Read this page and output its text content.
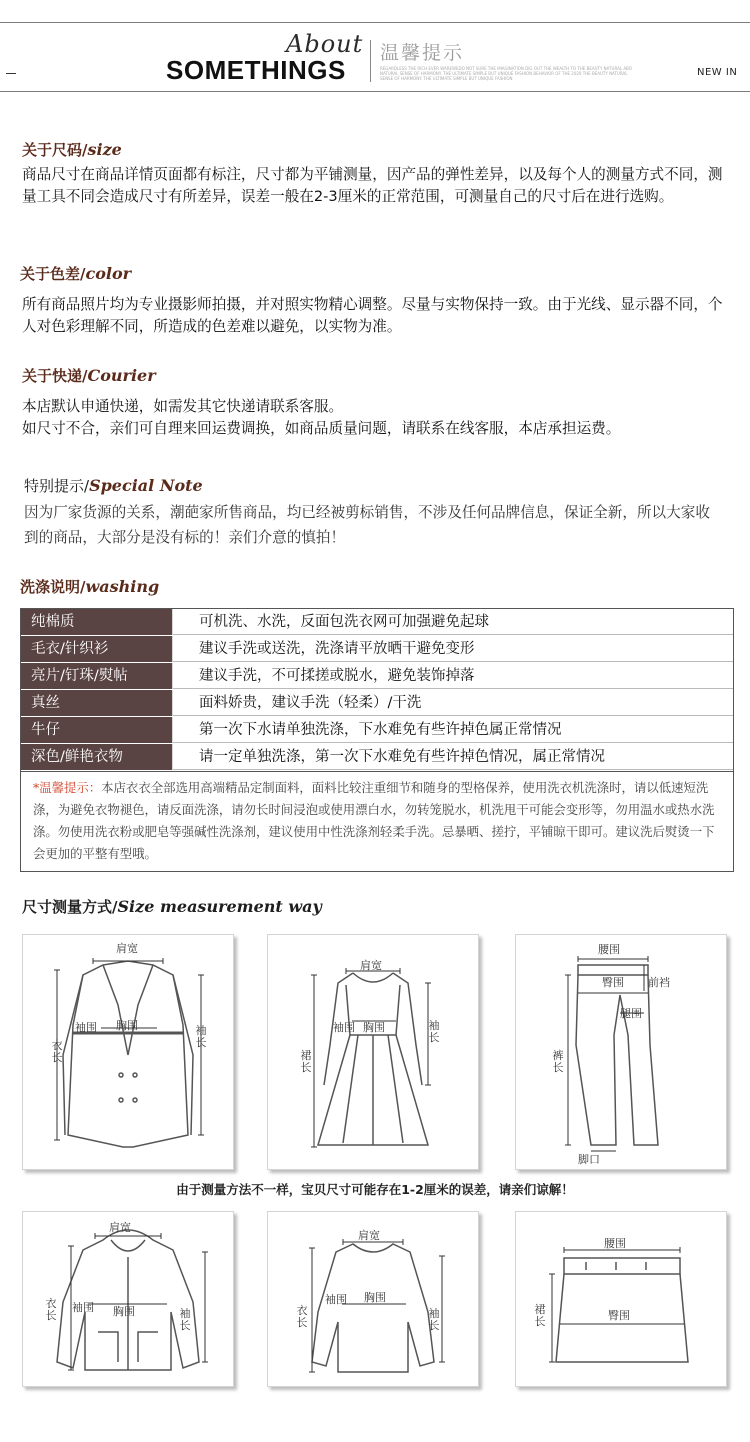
About
SOMETHINGS
温馨提示
REGARDLESS THE RICH EVER WAREWEDO NOT SURE THE IMAGINATION DIG OUT THE WEALTH TO THE BEAUTY NATURAL ABO NATURAL SENSE OF HARMONY. THE ULTIMATE SIMPLE BUT UNIQUE FASHION BEHAVIOR OF THE 2020 THE BEAUTY NATURAL SENSE OF HARMONY. THE ULTIMATE SIMPLE BUT UNIQUE FASHION
NEW IN
关于尺码/size

商品尺寸在商品详情页面都有标注，尺寸都为平铺测量，因产品的弹性差异，以及每个人的测量方式不同，测量工具不同会造成尺寸有所差异，误差一般在2-3厘米的正常范围，可测量自己的尺寸后在进行选购。

关于色差/color

所有商品照片均为专业摄影师拍摄，并对照实物精心调整。尽量与实物保持一致。由于光线、显示器不同，个人对色彩理解不同，所造成的色差难以避免，以实物为准。

关于快递/Courier

本店默认申通快递，如需发其它快递请联系客服。

如尺寸不合，亲们可自理来回运费调换，如商品质量问题，请联系在线客服，本店承担运费。

特别提示/Special Note

因为厂家货源的关系，潮葩家所售商品，均已经被剪标销售，不涉及任何品牌信息，保证全新，所以大家收到的商品，大部分是没有标的！亲们介意的慎拍！

洗涤说明/washing
纯棉质	可机洗、水洗，反面包洗衣网可加强避免起球
毛衣/针织衫	建议手洗或送洗，洗涤请平放晒干避免变形
亮片/钉珠/熨帖	建议手洗，不可揉搓或脱水，避免装饰掉落
真丝	面料娇贵，建议手洗（轻柔）/干洗
牛仔	第一次下水请单独洗涤，下水难免有些许掉色属正常情况
深色/鲜艳衣物	请一定单独洗涤，第一次下水难免有些许掉色情况，属正常情况
*温馨提示：本店衣衣全部选用高端精品定制面料，面料比较注重细节和随身的型格保养，使用洗衣机洗涤时，请以低速短洗涤，为避免衣物褪色，请反面洗涤，请勿长时间浸泡或使用漂白水，勿转笼脱水，机洗甩干可能会变形等，勿用温水或热水洗涤。勿使用洗衣粉或肥皂等强碱性洗涤剂，建议使用中性洗涤剂轻柔手洗。忌暴晒、搓拧，平铺晾干即可。建议洗后熨烫一下会更加的平整有型哦。
尺寸测量方式/Size measurement way
肩宽
胸围
袖围
衣长
袖长
肩宽
胸围
袖围
裙长
袖长
腰围
臀围 前裆
腿围
裤长
脚口
由于测量方法不一样，宝贝尺寸可能存在1-2厘米的误差，请亲们谅解！
肩宽
胸围
袖围
衣长	袖长
肩宽
胸围
袖围
衣长
袖长
腰围
臀围
裙长
